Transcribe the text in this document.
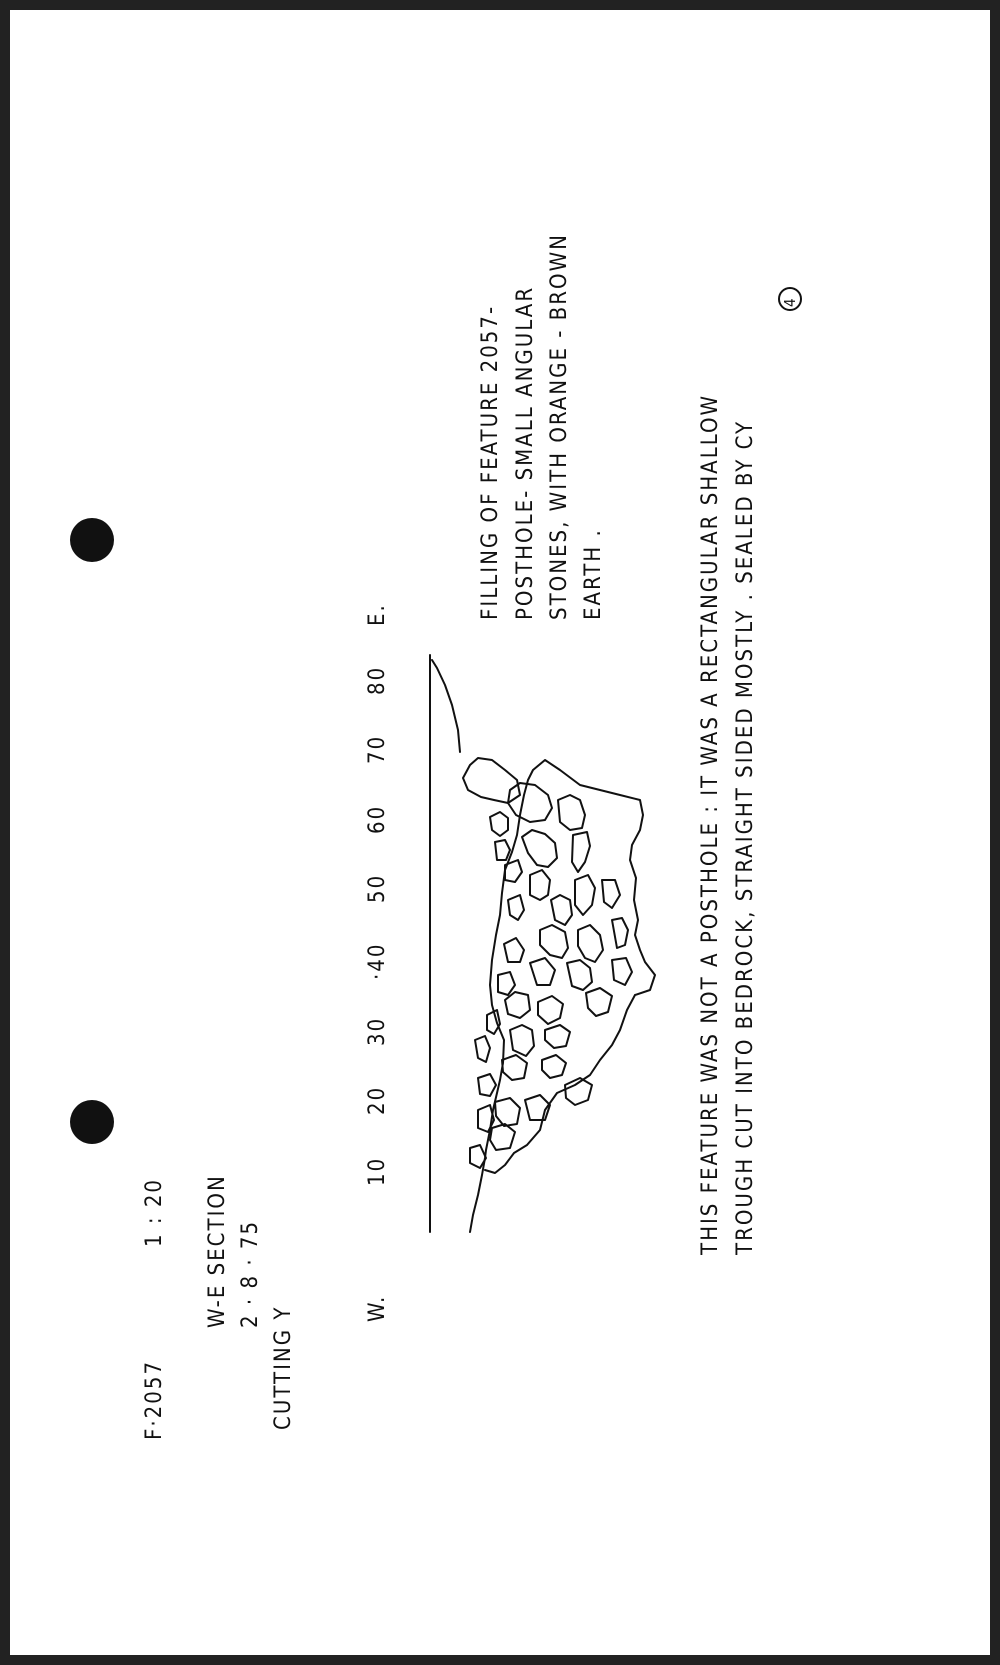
F·2057
1 : 20 W-E SECTION 2 · 8 · 75
CUTTING Y	W.
E.
10
20
30
·40
50
60
70
80
FILLING OF FEATURE 2057- POSTHOLE- SMALL ANGULAR STONES, WITH ORANGE - BROWN EARTH .	THIS FEATURE WAS NOT A POSTHOLE : IT WAS A RECTANGULAR SHALLOW TROUGH CUT INTO BEDROCK, STRAIGHT SIDED MOSTLY . SEALED BY CY
4
